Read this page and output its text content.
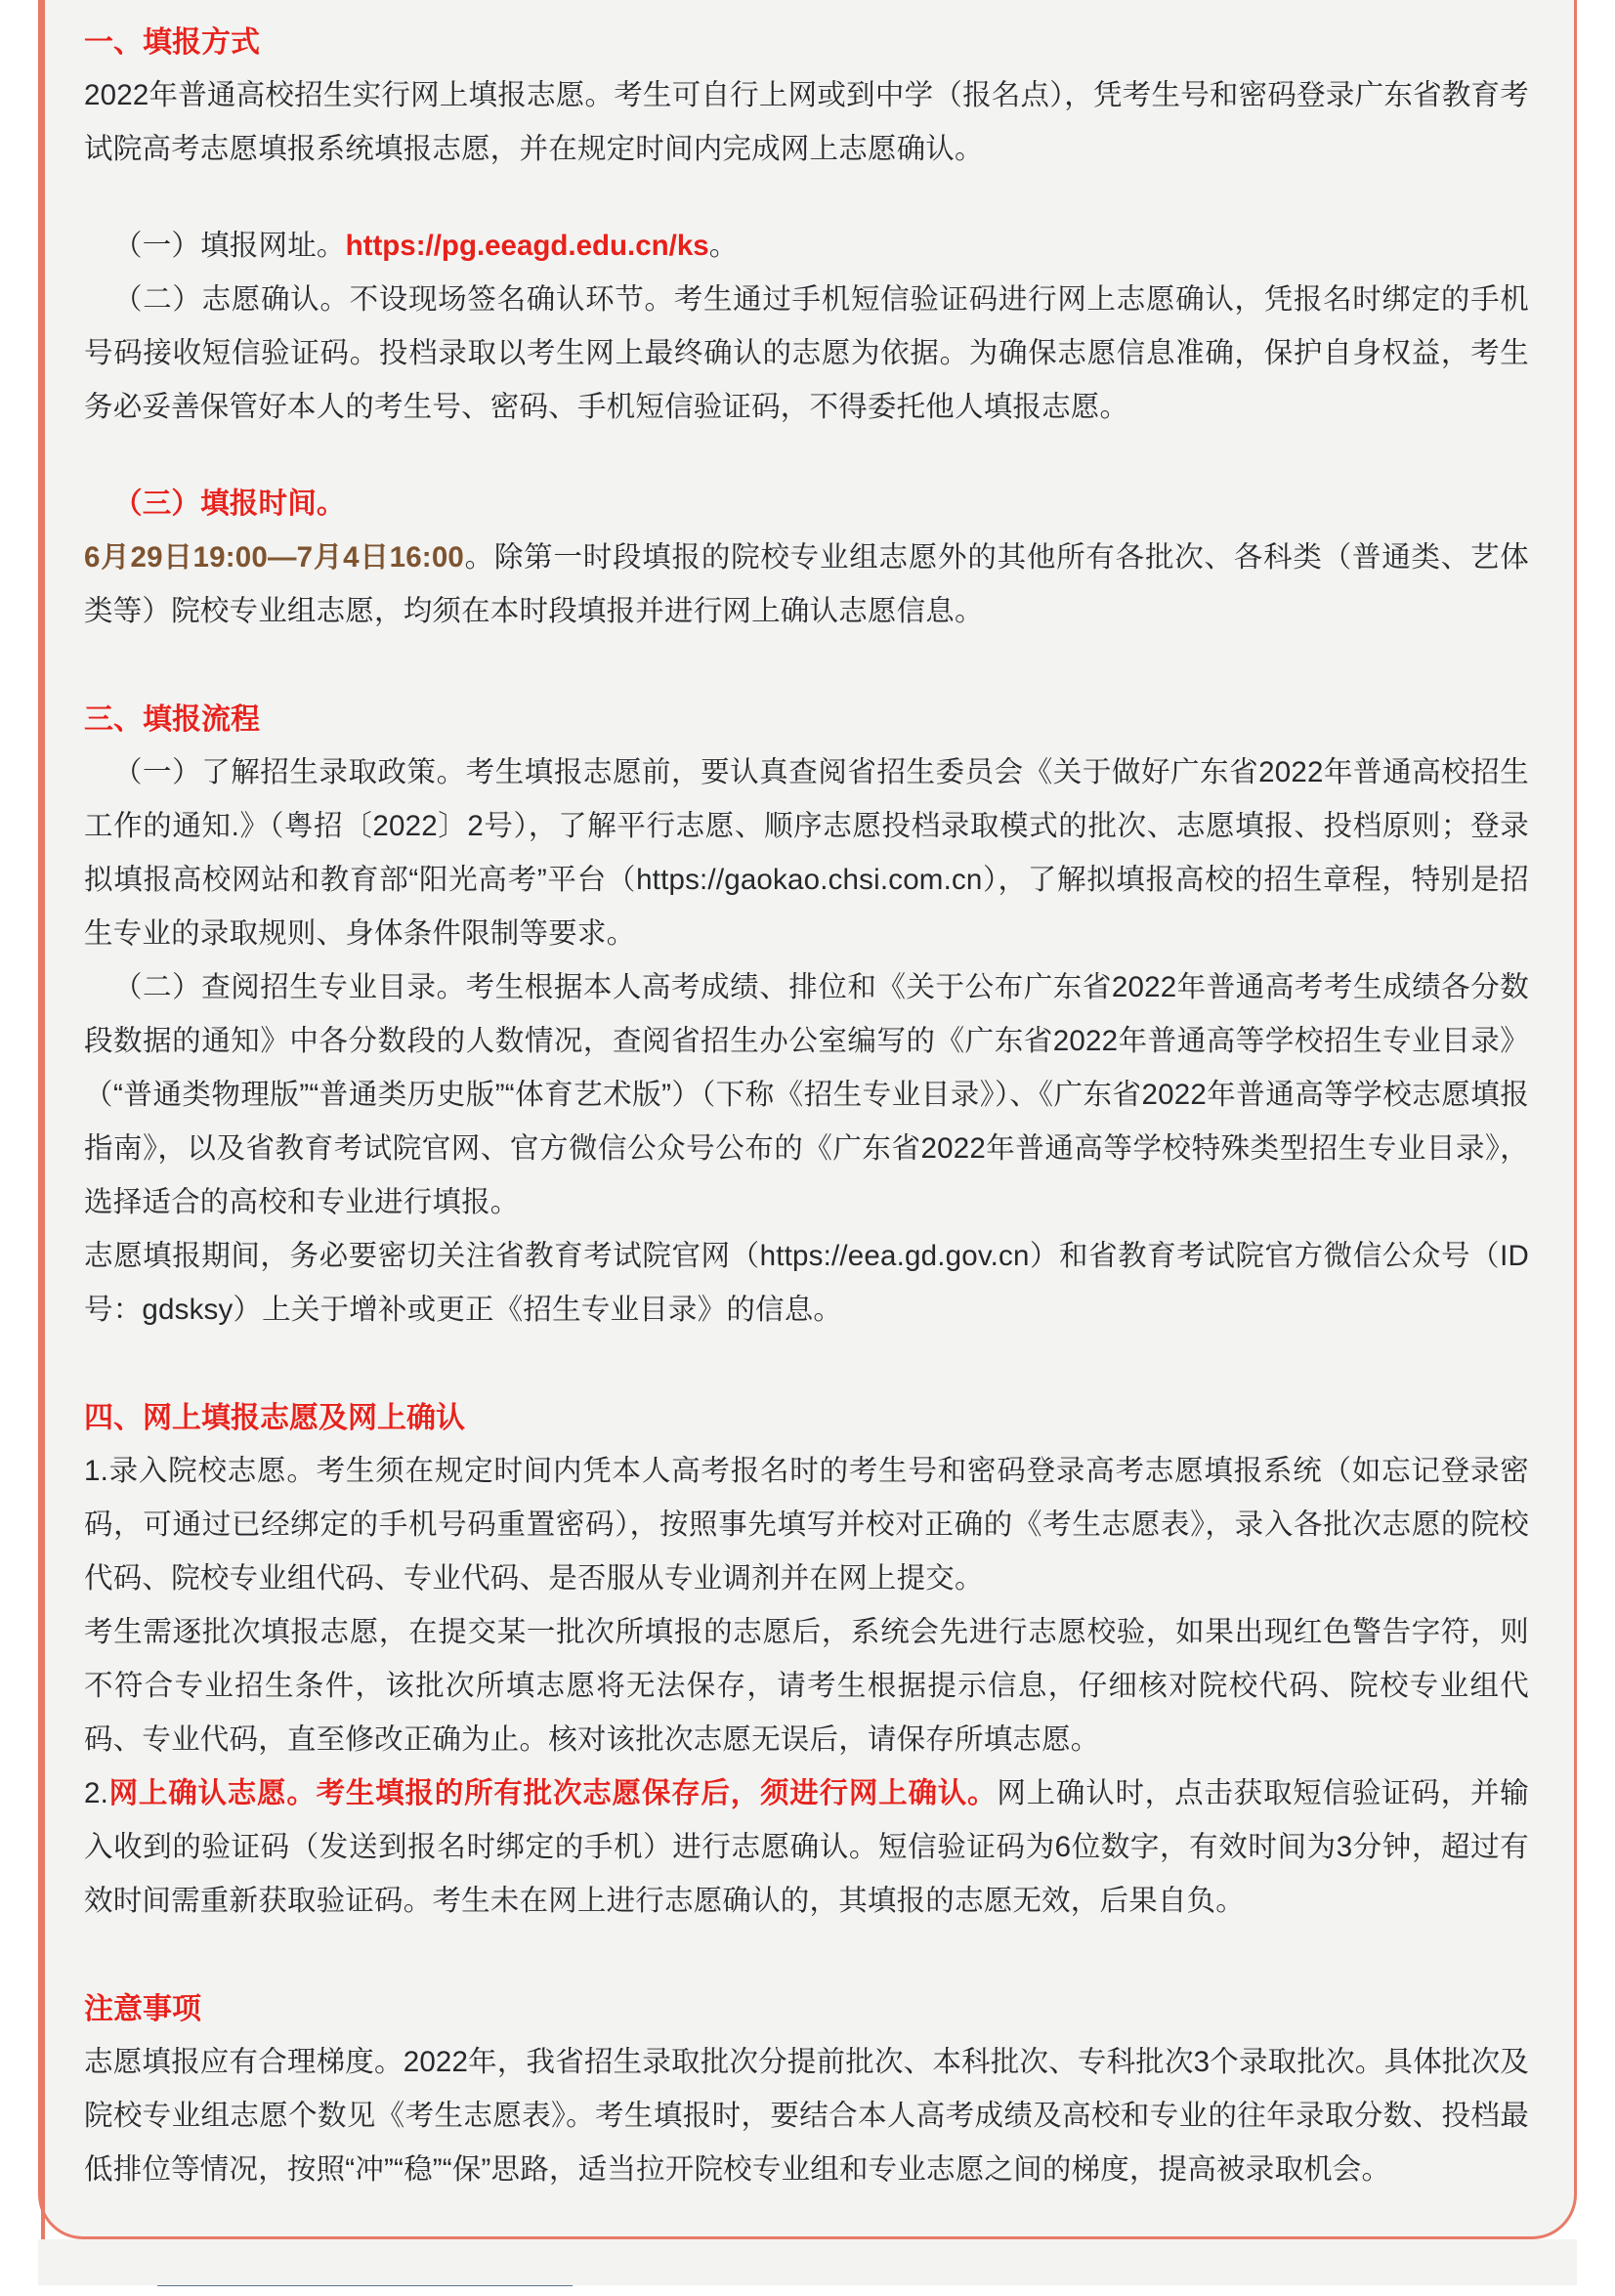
一、填报方式

2022年普通高校招生实行网上填报志愿。考生可自行上网或到中学（报名点），凭考生号和密码登录广东省教育考试院高考志愿填报系统填报志愿，并在规定时间内完成网上志愿确认。

（一）填报网址。https://pg.eeagd.edu.cn/ks。

（二）志愿确认。不设现场签名确认环节。考生通过手机短信验证码进行网上志愿确认，凭报名时绑定的手机号码接收短信验证码。投档录取以考生网上最终确认的志愿为依据。为确保志愿信息准确，保护自身权益，考生务必妥善保管好本人的考生号、密码、手机短信验证码，不得委托他人填报志愿。

（三）填报时间。

6月29日19:00—7月4日16:00。除第一时段填报的院校专业组志愿外的其他所有各批次、各科类（普通类、艺体类等）院校专业组志愿，均须在本时段填报并进行网上确认志愿信息。

三、填报流程

（一）了解招生录取政策。考生填报志愿前，要认真查阅省招生委员会《关于做好广东省2022年普通高校招生工作的通知.》（粤招〔2022〕2号），了解平行志愿、顺序志愿投档录取模式的批次、志愿填报、投档原则；登录拟填报高校网站和教育部“阳光高考”平台（https://gaokao.chsi.com.cn），了解拟填报高校的招生章程，特别是招生专业的录取规则、身体条件限制等要求。

（二）查阅招生专业目录。考生根据本人高考成绩、排位和《关于公布广东省2022年普通高考考生成绩各分数段数据的通知》中各分数段的人数情况，查阅省招生办公室编写的《广东省2022年普通高等学校招生专业目录》（“普通类物理版”“普通类历史版”“体育艺术版”）（下称《招生专业目录》）、《广东省2022年普通高等学校志愿填报指南》，以及省教育考试院官网、官方微信公众号公布的《广东省2022年普通高等学校特殊类型招生专业目录》，选择适合的高校和专业进行填报。

志愿填报期间，务必要密切关注省教育考试院官网（https://eea.gd.gov.cn）和省教育考试院官方微信公众号（ID号：gdsksy）上关于增补或更正《招生专业目录》的信息。

四、网上填报志愿及网上确认

1.录入院校志愿。考生须在规定时间内凭本人高考报名时的考生号和密码登录高考志愿填报系统（如忘记登录密码，可通过已经绑定的手机号码重置密码），按照事先填写并校对正确的《考生志愿表》，录入各批次志愿的院校代码、院校专业组代码、专业代码、是否服从专业调剂并在网上提交。

考生需逐批次填报志愿，在提交某一批次所填报的志愿后，系统会先进行志愿校验，如果出现红色警告字符，则不符合专业招生条件，该批次所填志愿将无法保存，请考生根据提示信息，仔细核对院校代码、院校专业组代码、专业代码，直至修改正确为止。核对该批次志愿无误后，请保存所填志愿。

2.网上确认志愿。考生填报的所有批次志愿保存后，须进行网上确认。网上确认时，点击获取短信验证码，并输入收到的验证码（发送到报名时绑定的手机）进行志愿确认。短信验证码为6位数字，有效时间为3分钟，超过有效时间需重新获取验证码。考生未在网上进行志愿确认的，其填报的志愿无效，后果自负。

注意事项

志愿填报应有合理梯度。2022年，我省招生录取批次分提前批次、本科批次、专科批次3个录取批次。具体批次及院校专业组志愿个数见《考生志愿表》。考生填报时，要结合本人高考成绩及高校和专业的往年录取分数、投档最低排位等情况，按照“冲”“稳”“保”思路，适当拉开院校专业组和专业志愿之间的梯度，提高被录取机会。
